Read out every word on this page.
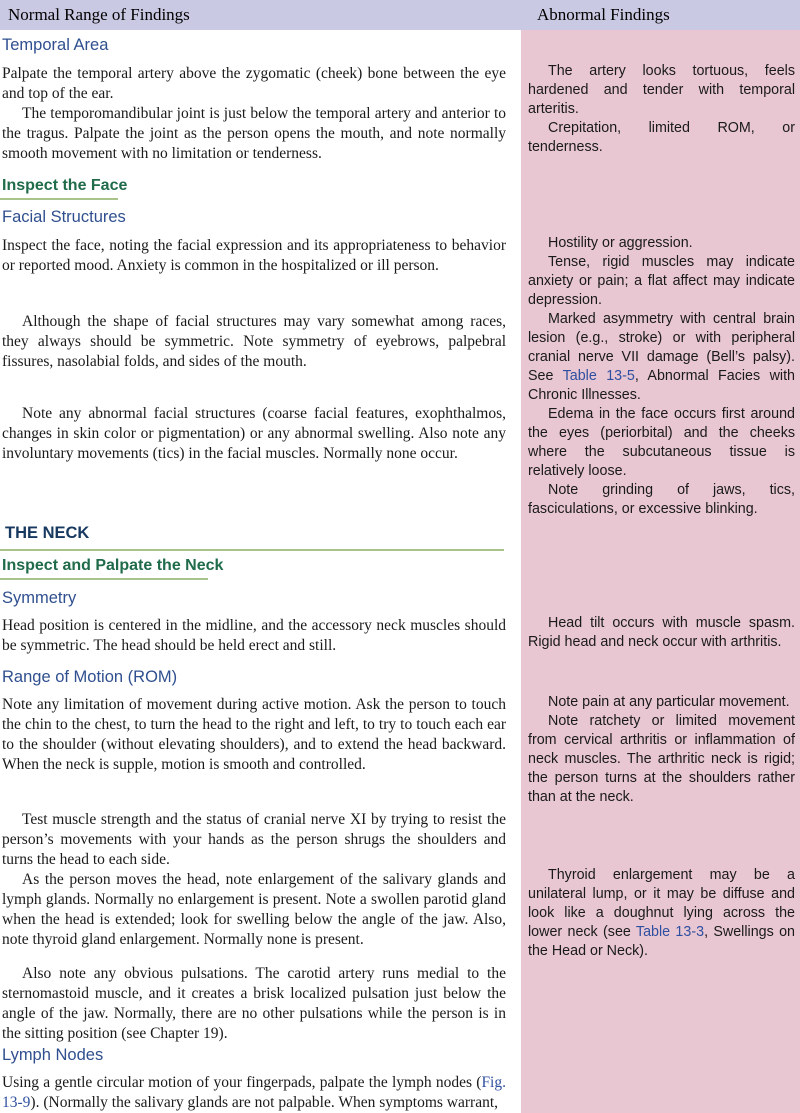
Normal Range of Findings	Abnormal Findings
Temporal Area

Palpate the temporal artery above the zygomatic (cheek) bone between the eye and top of the ear.

The temporomandibular joint is just below the temporal artery and anterior to the tragus. Palpate the joint as the person opens the mouth, and note normally smooth movement with no limitation or tenderness.

The artery looks tortuous, feels hardened and tender with temporal arteritis.

Crepitation, limited ROM, or tenderness.

Inspect the Face
Facial Structures

Inspect the face, noting the facial expression and its appropriateness to behavior or reported mood. Anxiety is common in the hospitalized or ill person.

Although the shape of facial structures may vary somewhat among races, they always should be symmetric. Note symmetry of eyebrows, palpebral fissures, nasolabial folds, and sides of the mouth.

Note any abnormal facial structures (coarse facial features, exophthalmos, changes in skin color or pigmentation) or any abnormal swelling. Also note any involuntary movements (tics) in the facial muscles. Normally none occur.

Hostility or aggression.

Tense, rigid muscles may indicate anxiety or pain; a flat affect may indicate depression.

Marked asymmetry with central brain lesion (e.g., stroke) or with peripheral cranial nerve VII damage (Bell’s palsy). See Table 13-5, Abnormal Facies with Chronic Illnesses.

Edema in the face occurs first around the eyes (periorbital) and the cheeks where the subcutaneous tissue is relatively loose.

Note grinding of jaws, tics, fasciculations, or excessive blinking.

THE NECK
Inspect and Palpate the Neck
Symmetry

Head position is centered in the midline, and the accessory neck muscles should be symmetric. The head should be held erect and still.

Head tilt occurs with muscle spasm. Rigid head and neck occur with arthritis.

Range of Motion (ROM)

Note any limitation of movement during active motion. Ask the person to touch the chin to the chest, to turn the head to the right and left, to try to touch each ear to the shoulder (without elevating shoulders), and to extend the head backward. When the neck is supple, motion is smooth and controlled.

Note pain at any particular movement.

Note ratchety or limited movement from cervical arthritis or inflammation of neck muscles. The arthritic neck is rigid; the person turns at the shoulders rather than at the neck.

Test muscle strength and the status of cranial nerve XI by trying to resist the person’s movements with your hands as the person shrugs the shoulders and turns the head to each side.

As the person moves the head, note enlargement of the salivary glands and lymph glands. Normally no enlargement is present. Note a swollen parotid gland when the head is extended; look for swelling below the angle of the jaw. Also, note thyroid gland enlargement. Normally none is present.

Thyroid enlargement may be a unilateral lump, or it may be diffuse and look like a doughnut lying across the lower neck (see Table 13-3, Swellings on the Head or Neck).

Also note any obvious pulsations. The carotid artery runs medial to the sternomastoid muscle, and it creates a brisk localized pulsation just below the angle of the jaw. Normally, there are no other pulsations while the person is in the sitting position (see Chapter 19).

Lymph Nodes

Using a gentle circular motion of your fingerpads, palpate the lymph nodes (Fig. 13-9). (Normally the salivary glands are not palpable. When symptoms warrant,
